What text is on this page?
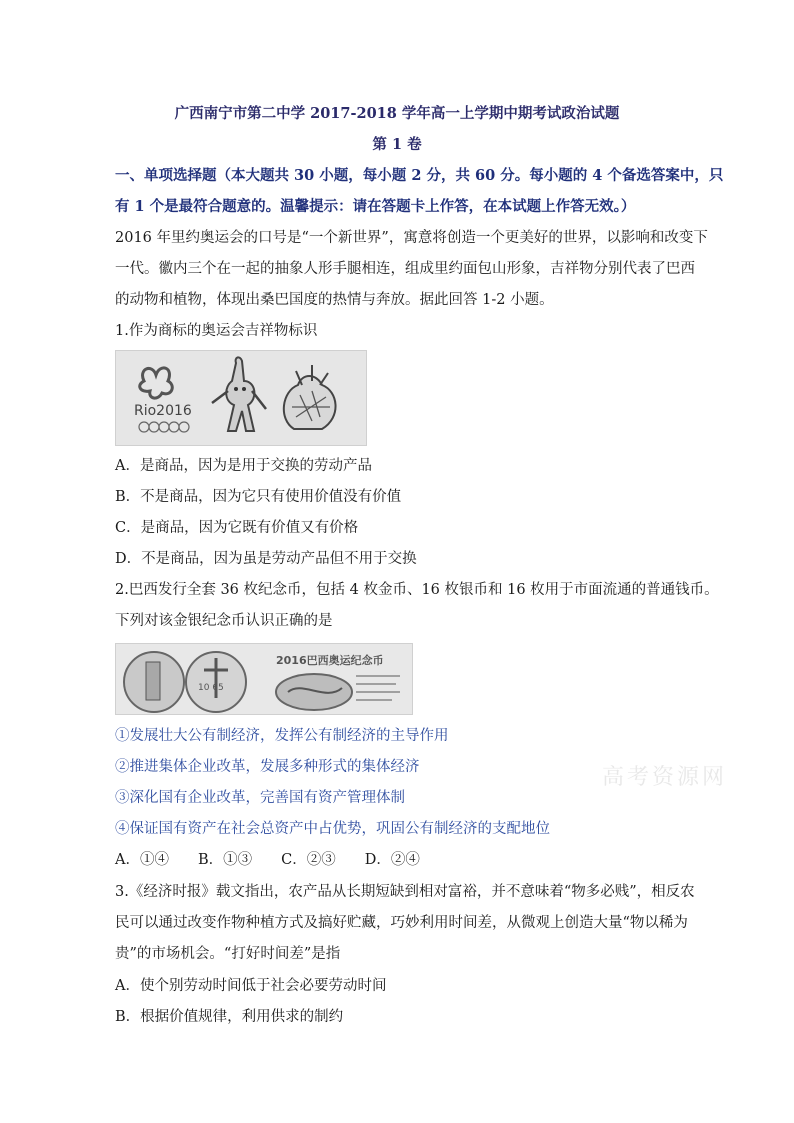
广西南宁市第二中学 2017-2018 学年高一上学期中期考试政治试题
第 1 卷
一、单项选择题（本大题共 30 小题，每小题 2 分，共 60 分。每小题的 4 个备选答案中，只
有 1 个是最符合题意的。温馨提示：请在答题卡上作答，在本试题上作答无效。）
2016 年里约奥运会的口号是“一个新世界”，寓意将创造一个更美好的世界，以影响和改变下
一代。徽内三个在一起的抽象人形手腿相连，组成里约面包山形象，吉祥物分别代表了巴西
的动物和植物，体现出桑巴国度的热情与奔放。据此回答 1-2 小题。
1.作为商标的奥运会吉祥物标识
Rio2016
A．是商品，因为是用于交换的劳动产品
B．不是商品，因为它只有使用价值没有价值
C．是商品，因为它既有价值又有价格
D．不是商品，因为虽是劳动产品但不用于交换
2.巴西发行全套 36 枚纪念币，包括 4 枚金币、16 枚银币和 16 枚用于市面流通的普通钱币。
下列对该金银纪念币认识正确的是
10 65
2016巴西奥运纪念币
①发展壮大公有制经济，发挥公有制经济的主导作用
②推进集体企业改革，发展多种形式的集体经济
③深化国有企业改革，完善国有资产管理体制
④保证国有资产在社会总资产中占优势，巩固公有制经济的支配地位
A．①④　　B．①③　　C．②③　　D．②④
高考资源网
3.《经济时报》载文指出，农产品从长期短缺到相对富裕，并不意味着“物多必贱”，相反农
民可以通过改变作物种植方式及搞好贮藏，巧妙利用时间差，从微观上创造大量“物以稀为
贵”的市场机会。“打好时间差”是指
A．使个别劳动时间低于社会必要劳动时间
B．根据价值规律，利用供求的制约
